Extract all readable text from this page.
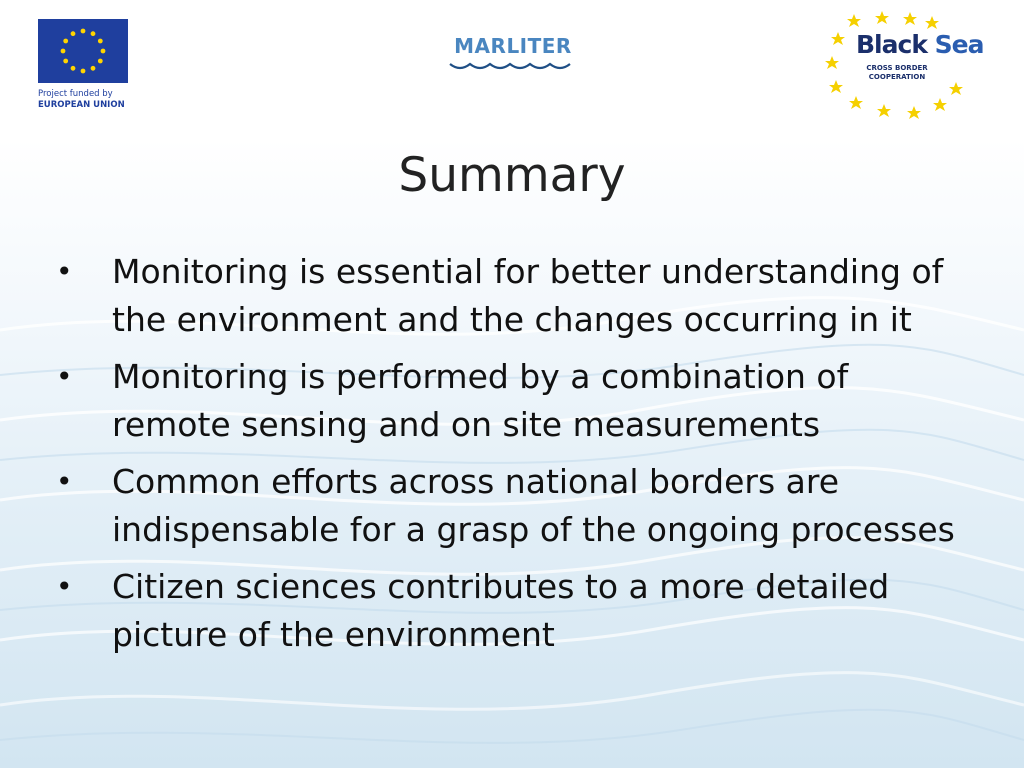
Project funded by
EUROPEAN UNION
MARLITER	Black Sea
CROSS BORDER
COOPERATION
Summary
• Monitoring is essential for better understanding of the environment and the changes occurring in it
• Monitoring is performed by a combination of remote sensing and on site measurements
• Common efforts across national borders are indispensable for a grasp of the ongoing processes
• Citizen sciences contributes to a more detailed picture of the environment
